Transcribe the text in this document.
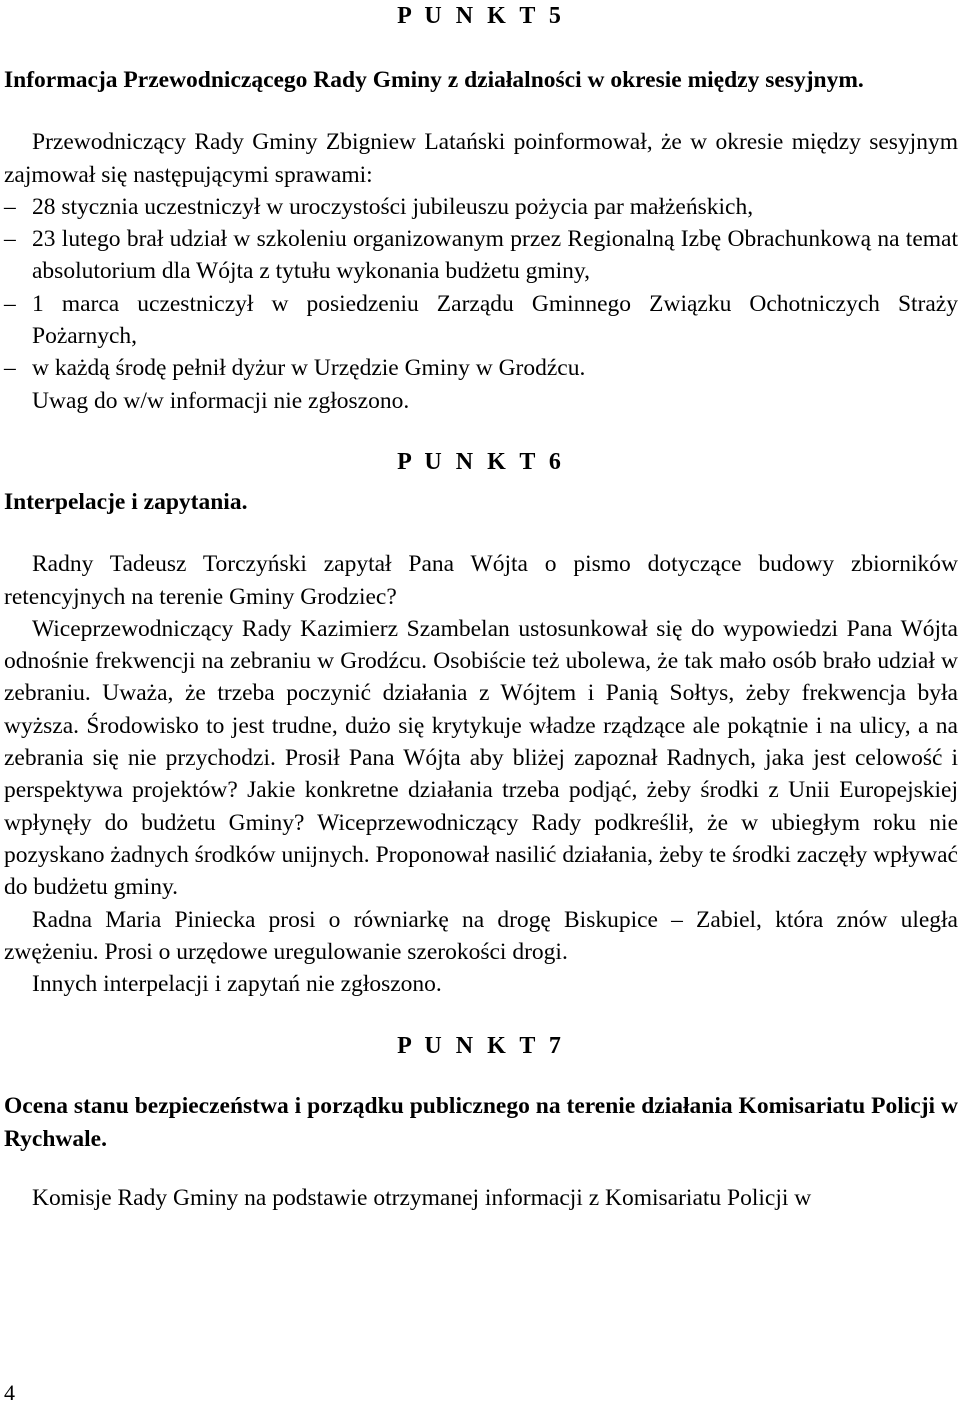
P U N K T 5

Informacja Przewodniczącego Rady Gminy z działalności w okresie między sesyjnym.

Przewodniczący Rady Gminy Zbigniew Latański poinformował, że w okresie między sesyjnym zajmował się następującymi sprawami:

– 28 stycznia uczestniczył w uroczystości jubileuszu pożycia par małżeńskich,
– 23 lutego brał udział w szkoleniu organizowanym przez Regionalną Izbę Obrachunkową na temat absolutorium dla Wójta z tytułu wykonania budżetu gminy,
– 1 marca uczestniczył w posiedzeniu Zarządu Gminnego Związku Ochotniczych Straży Pożarnych,
– w każdą środę pełnił dyżur w Urzędzie Gminy w Grodźcu.

Uwag do w/w informacji nie zgłoszono.

P U N K T 6

Interpelacje i zapytania.

Radny Tadeusz Torczyński zapytał Pana Wójta o pismo dotyczące budowy zbiorników retencyjnych na terenie Gminy Grodziec?

Wiceprzewodniczący Rady Kazimierz Szambelan ustosunkował się do wypowiedzi Pana Wójta odnośnie frekwencji na zebraniu w Grodźcu. Osobiście też ubolewa, że tak mało osób brało udział w zebraniu. Uważa, że trzeba poczynić działania z Wójtem i Panią Sołtys, żeby frekwencja była wyższa. Środowisko to jest trudne, dużo się krytykuje władze rządzące ale pokątnie i na ulicy, a na zebrania się nie przychodzi. Prosił Pana Wójta aby bliżej zapoznał Radnych, jaka jest celowość i perspektywa projektów? Jakie konkretne działania trzeba podjąć, żeby środki z Unii Europejskiej wpłynęły do budżetu Gminy? Wiceprzewodniczący Rady podkreślił, że w ubiegłym roku nie pozyskano żadnych środków unijnych. Proponował nasilić działania, żeby te środki zaczęły wpływać do budżetu gminy.

Radna Maria Piniecka prosi o równiarkę na drogę Biskupice – Zabiel, która znów uległa zwężeniu. Prosi o urzędowe uregulowanie szerokości drogi.

Innych interpelacji i zapytań nie zgłoszono.

P U N K T 7

Ocena stanu bezpieczeństwa i porządku publicznego na terenie działania Komisariatu Policji w Rychwale.

Komisje Rady Gminy na podstawie otrzymanej informacji z Komisariatu Policji w

4
